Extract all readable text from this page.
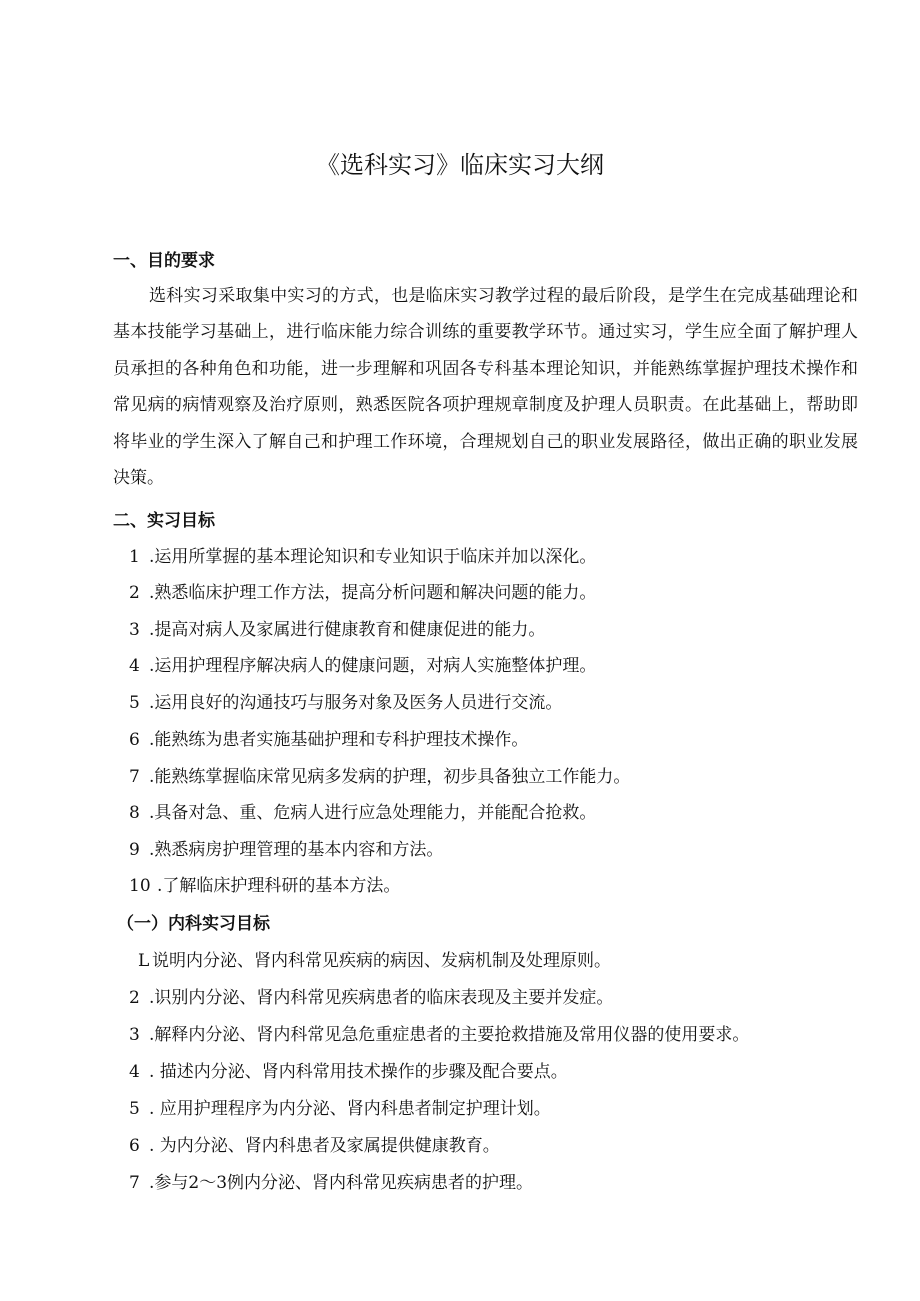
《选科实习》临床实习大纲
一、目的要求
选科实习采取集中实习的方式，也是临床实习教学过程的最后阶段，是学生在完成基础理论和基本技能学习基础上，进行临床能力综合训练的重要教学环节。通过实习，学生应全面了解护理人员承担的各种角色和功能，进一步理解和巩固各专科基本理论知识，并能熟练掌握护理技术操作和常见病的病情观察及治疗原则，熟悉医院各项护理规章制度及护理人员职责。在此基础上，帮助即将毕业的学生深入了解自己和护理工作环境，合理规划自己的职业发展路径，做出正确的职业发展决策。
二、实习目标
1 .运用所掌握的基本理论知识和专业知识于临床并加以深化。
2 .熟悉临床护理工作方法，提高分析问题和解决问题的能力。
3 .提高对病人及家属进行健康教育和健康促进的能力。
4 .运用护理程序解决病人的健康问题，对病人实施整体护理。
5 .运用良好的沟通技巧与服务对象及医务人员进行交流。
6 .能熟练为患者实施基础护理和专科护理技术操作。
7 .能熟练掌握临床常见病多发病的护理，初步具备独立工作能力。
8 .具备对急、重、危病人进行应急处理能力，并能配合抢救。
9 .熟悉病房护理管理的基本内容和方法。
10 .了解临床护理科研的基本方法。
（一）内科实习目标
L 说明内分泌、肾内科常见疾病的病因、发病机制及处理原则。
2 .识别内分泌、肾内科常见疾病患者的临床表现及主要并发症。
3 .解释内分泌、肾内科常见急危重症患者的主要抢救措施及常用仪器的使用要求。
4 . 描述内分泌、肾内科常用技术操作的步骤及配合要点。
5 . 应用护理程序为内分泌、肾内科患者制定护理计划。
6 . 为内分泌、肾内科患者及家属提供健康教育。
7 .参与2～3例内分泌、肾内科常见疾病患者的护理。
